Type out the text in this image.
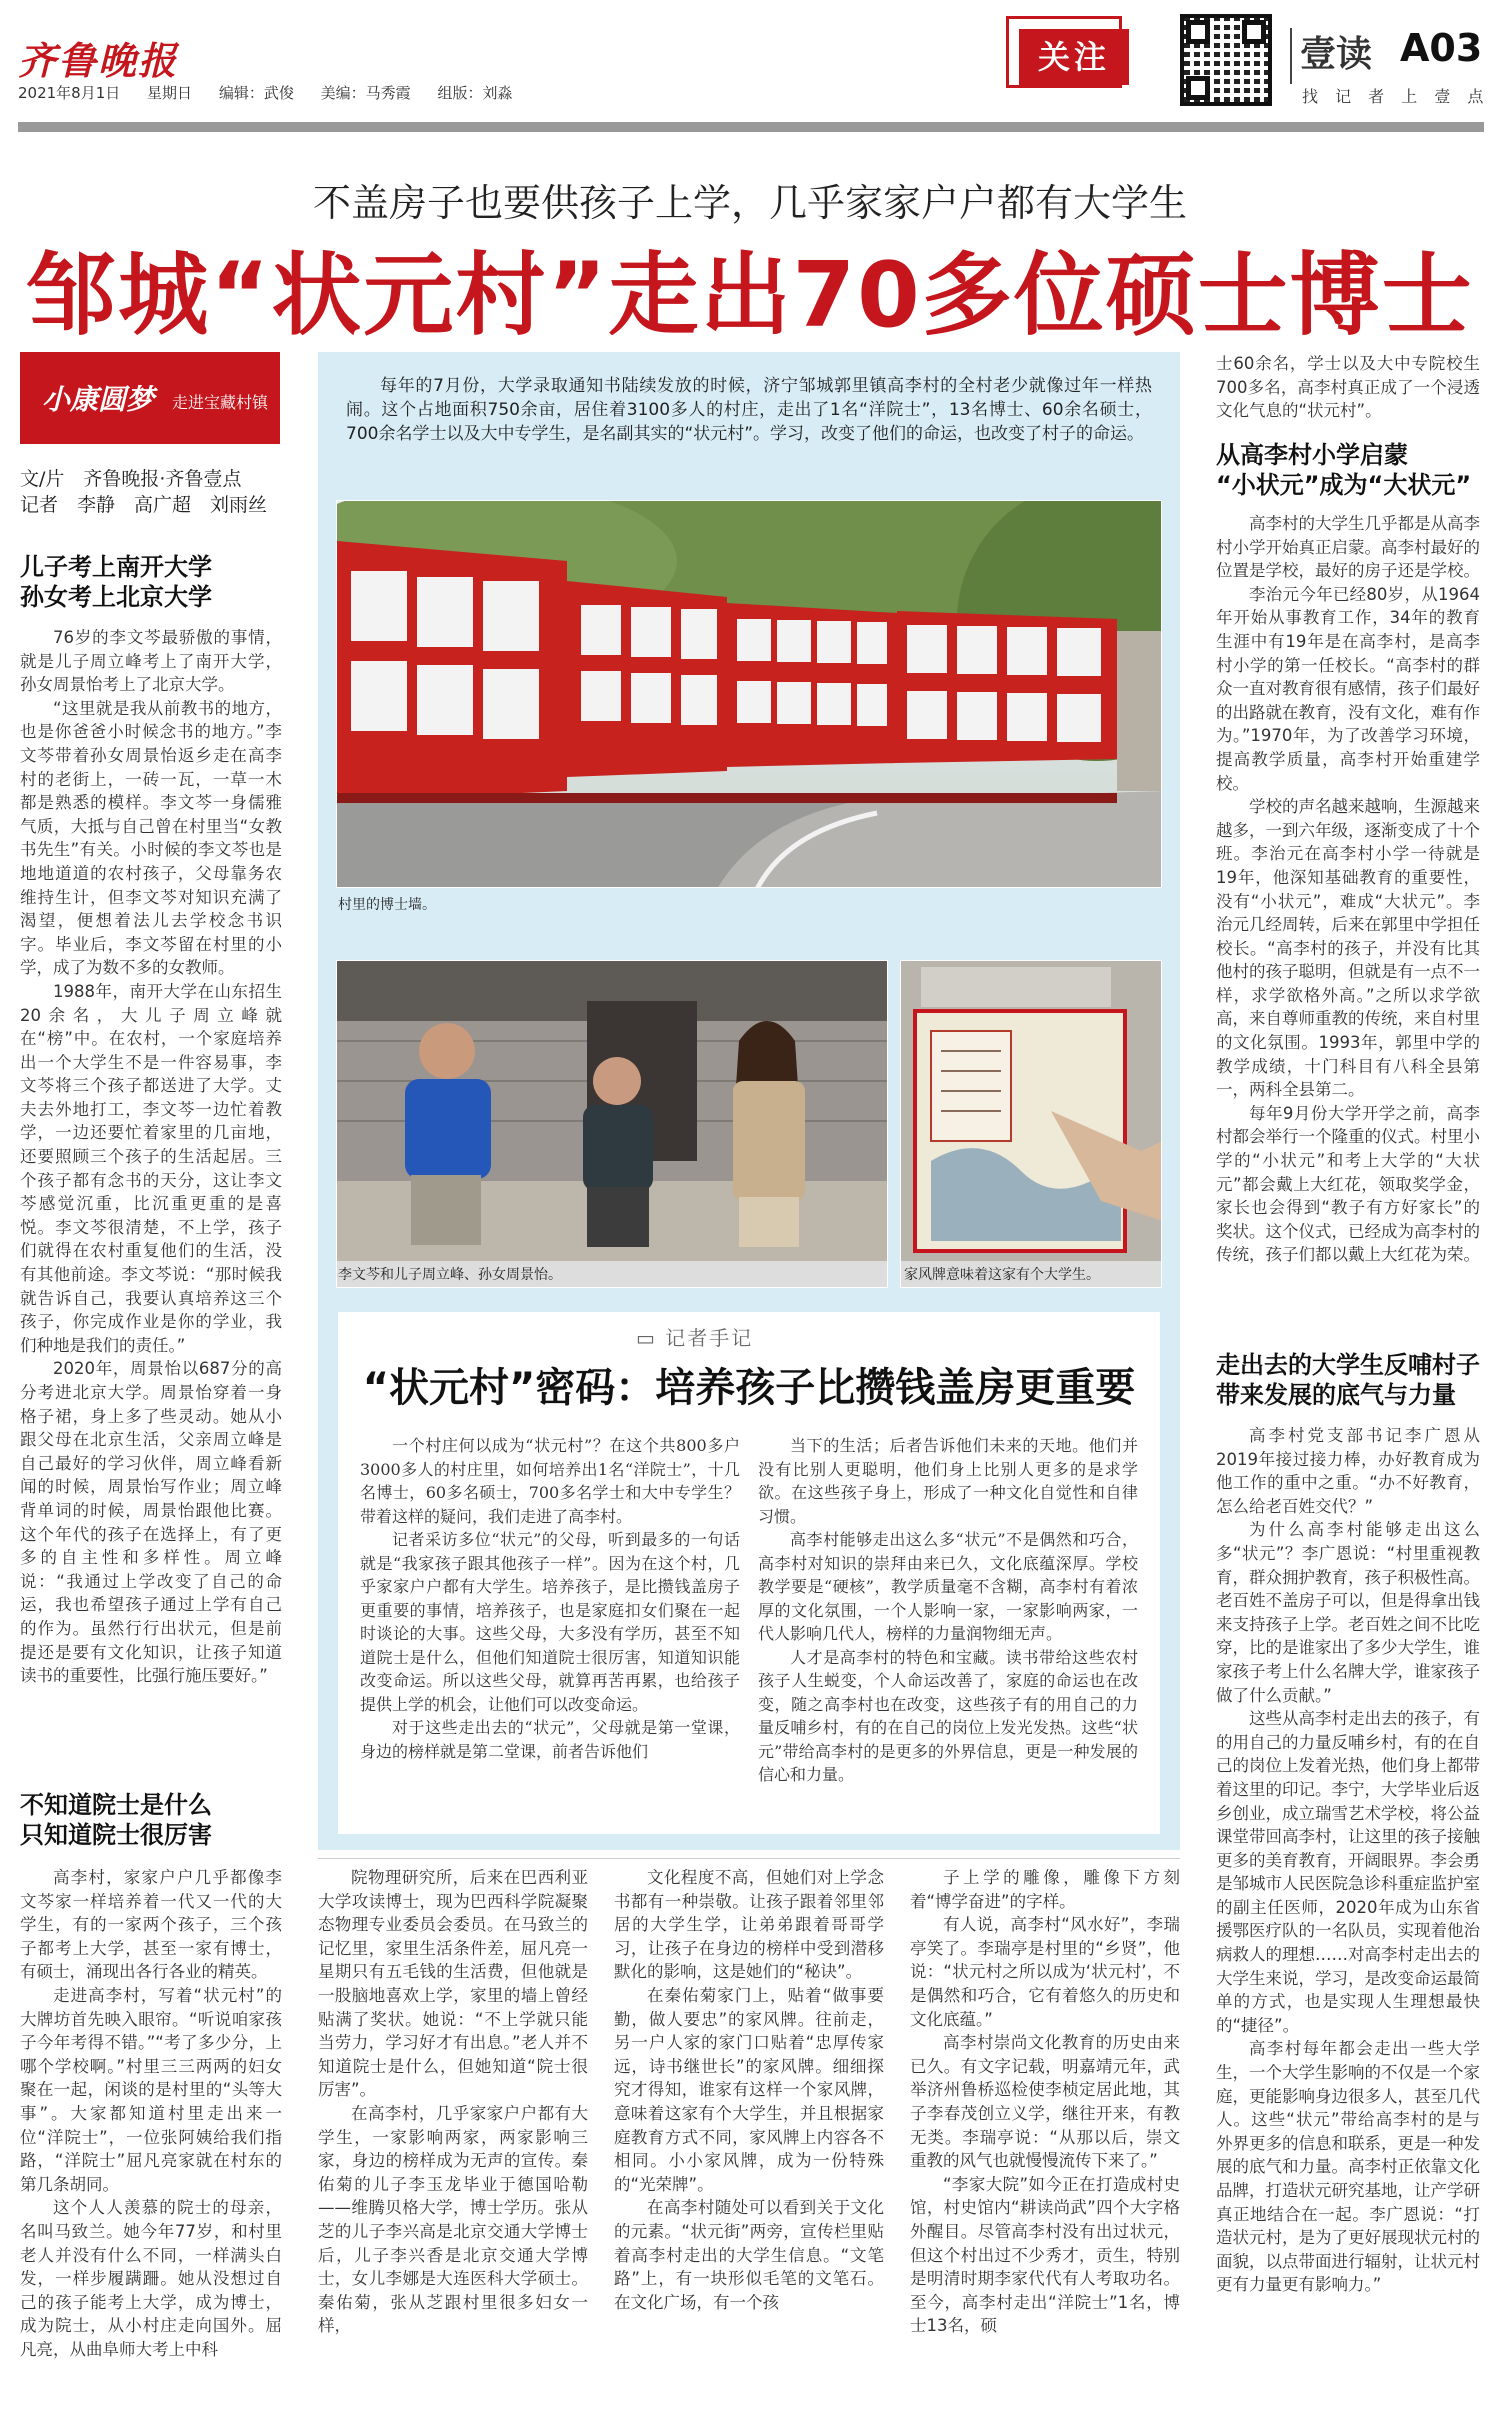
齐鲁晚报
2021年8月1日 星期日 编辑：武俊 美编：马秀霞 组版：刘淼
关注	壹读 A03
找 记 者 上 壹 点
不盖房子也要供孩子上学，几乎家家户户都有大学生
邹城“状元村”走出70多位硕士博士
小康圆梦 走进宝藏村镇
文/片　齐鲁晚报·齐鲁壹点
记者　李静　高广超　刘雨丝
儿子考上南开大学
孙女考上北京大学

76岁的李文芩最骄傲的事情，就是儿子周立峰考上了南开大学，孙女周景怡考上了北京大学。

“这里就是我从前教书的地方，也是你爸爸小时候念书的地方。”李文芩带着孙女周景怡返乡走在高李村的老街上，一砖一瓦，一草一木都是熟悉的模样。李文芩一身儒雅气质，大抵与自己曾在村里当“女教书先生”有关。小时候的李文芩也是地地道道的农村孩子，父母靠务农维持生计，但李文芩对知识充满了渴望，便想着法儿去学校念书识字。毕业后，李文芩留在村里的小学，成了为数不多的女教师。

1988年，南开大学在山东招生20余名，大儿子周立峰就在“榜”中。在农村，一个家庭培养出一个大学生不是一件容易事，李文芩将三个孩子都送进了大学。丈夫去外地打工，李文芩一边忙着教学，一边还要忙着家里的几亩地，还要照顾三个孩子的生活起居。三个孩子都有念书的天分，这让李文芩感觉沉重，比沉重更重的是喜悦。李文芩很清楚，不上学，孩子们就得在农村重复他们的生活，没有其他前途。李文芩说：“那时候我就告诉自己，我要认真培养这三个孩子，你完成作业是你的学业，我们种地是我们的责任。”

2020年，周景怡以687分的高分考进北京大学。周景怡穿着一身格子裙，身上多了些灵动。她从小跟父母在北京生活，父亲周立峰是自己最好的学习伙伴，周立峰看新闻的时候，周景怡写作业；周立峰背单词的时候，周景怡跟他比赛。这个年代的孩子在选择上，有了更多的自主性和多样性。周立峰说：“我通过上学改变了自己的命运，我也希望孩子通过上学有自己的作为。虽然行行出状元，但是前提还是要有文化知识，让孩子知道读书的重要性，比强行施压要好。”

不知道院士是什么
只知道院士很厉害

高李村，家家户户几乎都像李文芩家一样培养着一代又一代的大学生，有的一家两个孩子，三个孩子都考上大学，甚至一家有博士，有硕士，涌现出各行各业的精英。

走进高李村，写着“状元村”的大牌坊首先映入眼帘。“听说咱家孩子今年考得不错。”“考了多少分，上哪个学校啊。”村里三三两两的妇女聚在一起，闲谈的是村里的“头等大事”。大家都知道村里走出来一位“洋院士”，一位张阿姨给我们指路，“洋院士”屈凡亮家就在村东的第几条胡同。

这个人人羡慕的院士的母亲，名叫马致兰。她今年77岁，和村里老人并没有什么不同，一样满头白发，一样步履蹒跚。她从没想过自己的孩子能考上大学，成为博士，成为院士，从小村庄走向国外。屈凡亮，从曲阜师大考上中科

每年的7月份，大学录取通知书陆续发放的时候，济宁邹城郭里镇高李村的全村老少就像过年一样热闹。这个占地面积750余亩，居住着3100多人的村庄，走出了1名“洋院士”，13名博士、60余名硕士，700余名学士以及大中专学生，是名副其实的“状元村”。学习，改变了他们的命运，也改变了村子的命运。
村里的博士墙。
李文芩和儿子周立峰、孙女周景怡。	家风牌意味着这家有个大学生。
▭ 记者手记
“状元村”密码：培养孩子比攒钱盖房更重要

一个村庄何以成为“状元村”？在这个共800多户3000多人的村庄里，如何培养出1名“洋院士”，十几名博士，60多名硕士，700多名学士和大中专学生？带着这样的疑问，我们走进了高李村。

记者采访多位“状元”的父母，听到最多的一句话就是“我家孩子跟其他孩子一样”。因为在这个村，几乎家家户户都有大学生。培养孩子，是比攒钱盖房子更重要的事情，培养孩子，也是家庭扣女们聚在一起时谈论的大事。这些父母，大多没有学历，甚至不知道院士是什么，但他们知道院士很厉害，知道知识能改变命运。所以这些父母，就算再苦再累，也给孩子提供上学的机会，让他们可以改变命运。

对于这些走出去的“状元”，父母就是第一堂课，身边的榜样就是第二堂课，前者告诉他们

当下的生活；后者告诉他们未来的天地。他们并没有比别人更聪明，他们身上比别人更多的是求学欲。在这些孩子身上，形成了一种文化自觉性和自律习惯。

高李村能够走出这么多“状元”不是偶然和巧合，高李村对知识的崇拜由来已久，文化底蕴深厚。学校教学要是“硬核”，教学质量毫不含糊，高李村有着浓厚的文化氛围，一个人影响一家，一家影响两家，一代人影响几代人，榜样的力量润物细无声。

人才是高李村的特色和宝藏。读书带给这些农村孩子人生蜕变，个人命运改善了，家庭的命运也在改变，随之高李村也在改变，这些孩子有的用自己的力量反哺乡村，有的在自己的岗位上发光发热。这些“状元”带给高李村的是更多的外界信息，更是一种发展的信心和力量。

士60余名，学士以及大中专院校生700多名，高李村真正成了一个浸透文化气息的“状元村”。
从高李村小学启蒙
“小状元”成为“大状元”

高李村的大学生几乎都是从高李村小学开始真正启蒙。高李村最好的位置是学校，最好的房子还是学校。

李治元今年已经80岁，从1964年开始从事教育工作，34年的教育生涯中有19年是在高李村，是高李村小学的第一任校长。“高李村的群众一直对教育很有感情，孩子们最好的出路就在教育，没有文化，难有作为。”1970年，为了改善学习环境，提高教学质量，高李村开始重建学校。

学校的声名越来越响，生源越来越多，一到六年级，逐渐变成了十个班。李治元在高李村小学一待就是19年，他深知基础教育的重要性，没有“小状元”，难成“大状元”。李治元几经周转，后来在郭里中学担任校长。“高李村的孩子，并没有比其他村的孩子聪明，但就是有一点不一样，求学欲格外高。”之所以求学欲高，来自尊师重教的传统，来自村里的文化氛围。1993年，郭里中学的教学成绩，十门科目有八科全县第一，两科全县第二。

每年9月份大学开学之前，高李村都会举行一个隆重的仪式。村里小学的“小状元”和考上大学的“大状元”都会戴上大红花，领取奖学金，家长也会得到“教子有方好家长”的奖状。这个仪式，已经成为高李村的传统，孩子们都以戴上大红花为荣。

走出去的大学生反哺村子
带来发展的底气与力量

高李村党支部书记李广恩从2019年接过接力棒，办好教育成为他工作的重中之重。“办不好教育，怎么给老百姓交代？”

为什么高李村能够走出这么多“状元”？李广恩说：“村里重视教育，群众拥护教育，孩子积极性高。老百姓不盖房子可以，但是得拿出钱来支持孩子上学。老百姓之间不比吃穿，比的是谁家出了多少大学生，谁家孩子考上什么名牌大学，谁家孩子做了什么贡献。”

这些从高李村走出去的孩子，有的用自己的力量反哺乡村，有的在自己的岗位上发着光热，他们身上都带着这里的印记。李宁，大学毕业后返乡创业，成立瑞雪艺术学校，将公益课堂带回高李村，让这里的孩子接触更多的美育教育，开阔眼界。李会勇是邹城市人民医院急诊科重症监护室的副主任医师，2020年成为山东省援鄂医疗队的一名队员，实现着他治病救人的理想……对高李村走出去的大学生来说，学习，是改变命运最简单的方式，也是实现人生理想最快的“捷径”。

高李村每年都会走出一些大学生，一个大学生影响的不仅是一个家庭，更能影响身边很多人，甚至几代人。这些“状元”带给高李村的是与外界更多的信息和联系，更是一种发展的底气和力量。高李村正依靠文化品牌，打造状元研究基地，让产学研真正地结合在一起。李广恩说：“打造状元村，是为了更好展现状元村的面貌，以点带面进行辐射，让状元村更有力量更有影响力。”

院物理研究所，后来在巴西利亚大学攻读博士，现为巴西科学院凝聚态物理专业委员会委员。在马致兰的记忆里，家里生活条件差，屈凡亮一星期只有五毛钱的生活费，但他就是一股脑地喜欢上学，家里的墙上曾经贴满了奖状。她说：“不上学就只能当劳力，学习好才有出息。”老人并不知道院士是什么，但她知道“院士很厉害”。

在高李村，几乎家家户户都有大学生，一家影响两家，两家影响三家，身边的榜样成为无声的宣传。秦佑菊的儿子李玉龙毕业于德国哈勒——维腾贝格大学，博士学历。张从芝的儿子李兴高是北京交通大学博士后，儿子李兴香是北京交通大学博士，女儿李娜是大连医科大学硕士。秦佑菊，张从芝跟村里很多妇女一样，

文化程度不高，但她们对上学念书都有一种崇敬。让孩子跟着邻里邻居的大学生学，让弟弟跟着哥哥学习，让孩子在身边的榜样中受到潜移默化的影响，这是她们的“秘诀”。

在秦佑菊家门上，贴着“做事要勤，做人要忠”的家风牌。往前走，另一户人家的家门口贴着“忠厚传家远，诗书继世长”的家风牌。细细探究才得知，谁家有这样一个家风牌，意味着这家有个大学生，并且根据家庭教育方式不同，家风牌上内容各不相同。小小家风牌，成为一份特殊的“光荣牌”。

在高李村随处可以看到关于文化的元素。“状元街”两旁，宣传栏里贴着高李村走出的大学生信息。“文笔路”上，有一块形似毛笔的文笔石。在文化广场，有一个孩

子上学的雕像，雕像下方刻着“博学奋进”的字样。

有人说，高李村“风水好”，李瑞亭笑了。李瑞亭是村里的“乡贤”，他说：“状元村之所以成为‘状元村’，不是偶然和巧合，它有着悠久的历史和文化底蕴。”

高李村崇尚文化教育的历史由来已久。有文字记载，明嘉靖元年，武举济州鲁桥巡检使李桢定居此地，其子李春茂创立义学，继往开来，有教无类。李瑞亭说：“从那以后，崇文重教的风气也就慢慢流传下来了。”

“李家大院”如今正在打造成村史馆，村史馆内“耕读尚武”四个大字格外醒目。尽管高李村没有出过状元，但这个村出过不少秀才，贡生，特别是明清时期李家代代有人考取功名。至今，高李村走出“洋院士”1名，博士13名，硕
